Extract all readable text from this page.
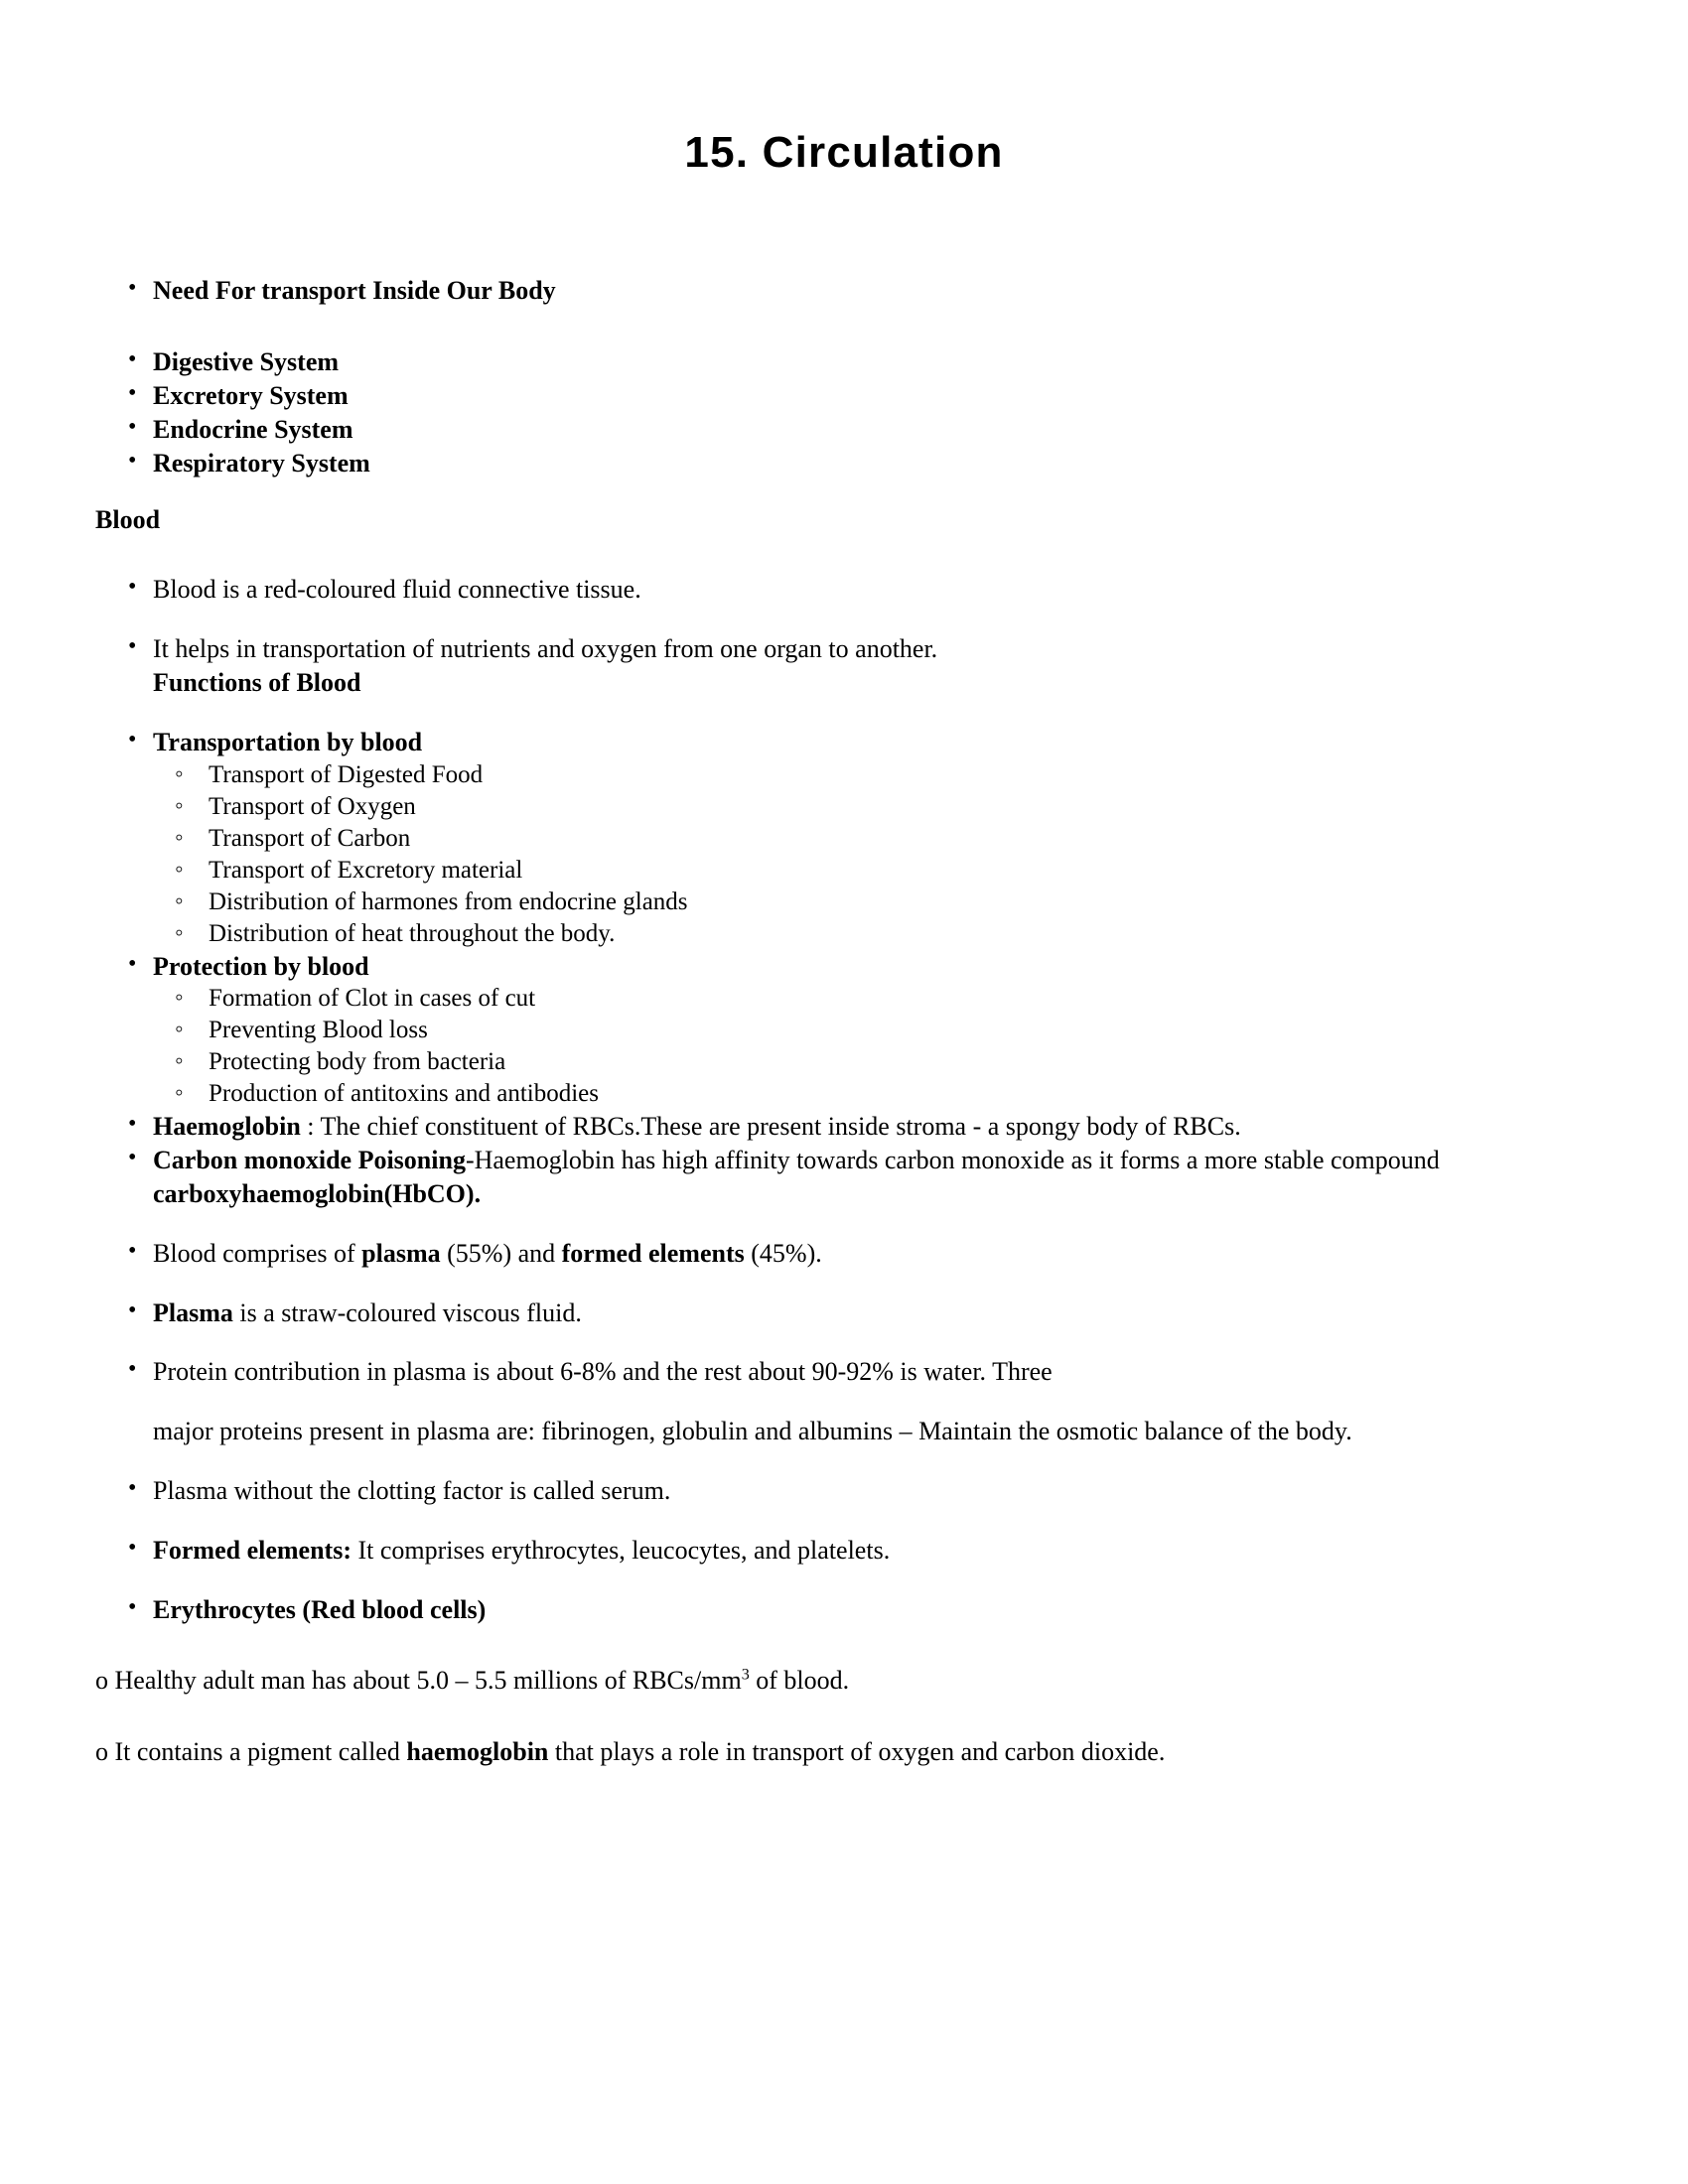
15. Circulation
• Need For transport Inside Our Body
• Digestive System
• Excretory System
• Endocrine System
• Respiratory System

Blood

• Blood is a red-coloured fluid connective tissue.
• It helps in transportation of nutrients and oxygen from one organ to another.
Functions of Blood
• Transportation by blood
◦ Transport of Digested Food
◦ Transport of Oxygen
◦ Transport of Carbon
◦ Transport of Excretory material
◦ Distribution of harmones from endocrine glands
◦ Distribution of heat throughout the body.
• Protection by blood
◦ Formation of Clot in cases of cut
◦ Preventing Blood loss
◦ Protecting body from bacteria
◦ Production of antitoxins and antibodies
• Haemoglobin : The chief constituent of RBCs.These are present inside stroma - a spongy body of RBCs.
• Carbon monoxide Poisoning-Haemoglobin has high affinity towards carbon monoxide as it forms a more stable compound carboxyhaemoglobin(HbCO).
• Blood comprises of plasma (55%) and formed elements (45%).
• Plasma is a straw-coloured viscous fluid.
• Protein contribution in plasma is about 6-8% and the rest about 90-92% is water. Three
major proteins present in plasma are: fibrinogen, globulin and albumins – Maintain the osmotic balance of the body.
• Plasma without the clotting factor is called serum.
• Formed elements: It comprises erythrocytes, leucocytes, and platelets.
• Erythrocytes (Red blood cells)

o Healthy adult man has about 5.0 – 5.5 millions of RBCs/$mm^3$ of blood.

o It contains a pigment called haemoglobin that plays a role in transport of oxygen and carbon dioxide.
